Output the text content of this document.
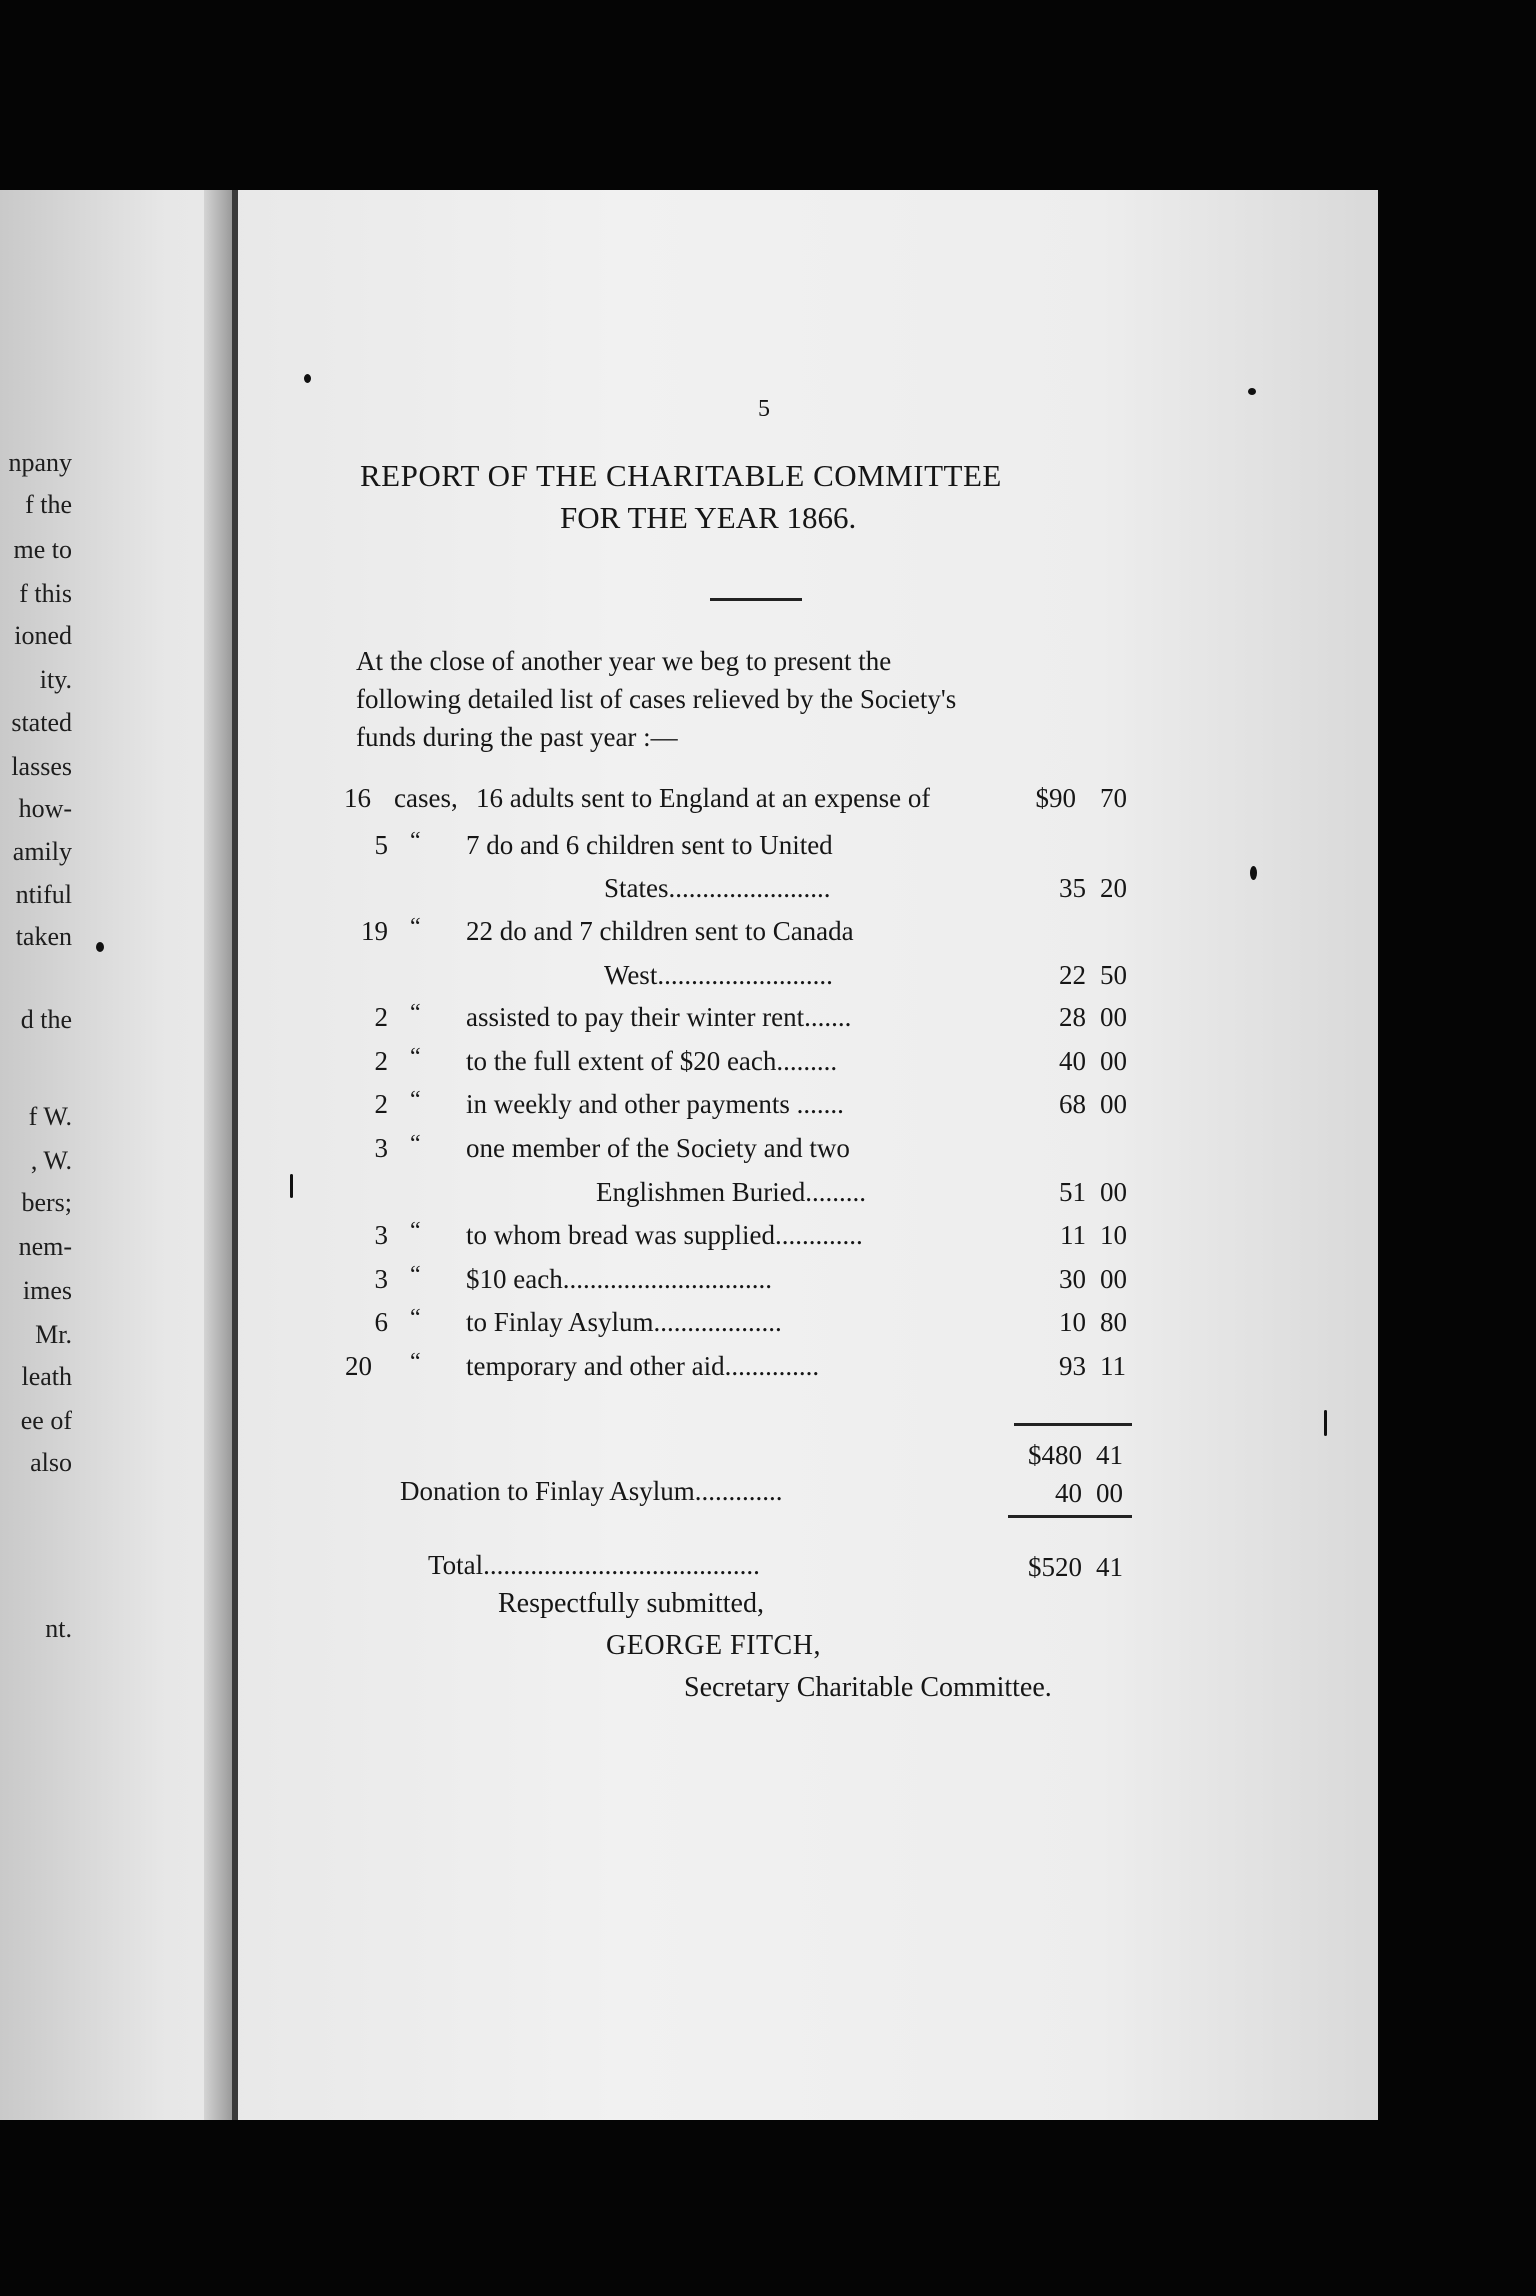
npany
f the
me to
f this
ioned
ity.
stated
lasses
how-
amily
ntiful
taken
d the
f W.
, W.
bers;
nem-
imes
Mr.
leath
ee of
also
nt.
5
REPORT OF THE CHARITABLE COMMITTEE
FOR THE YEAR 1866.
At the close of another year we beg to present the
following detailed list of cases relieved by the Society's
funds during the past year :—
16 cases, 16 adults sent to England at an expense of	$90 70
5 “ 7 do and 6 children sent to United
States........................	35 20
19 “ 22 do and 7 children sent to Canada
West..........................	22 50
2 “ assisted to pay their winter rent.......	28 00
2 “ to the full extent of $20 each.........	40 00
2 “ in weekly and other payments .......	68 00
3 “ one member of the Society and two
Englishmen Buried.........	51 00
3 “ to whom bread was supplied.............	11 10
3 “ $10 each...............................	30 00
6 “ to Finlay Asylum...................	10 80
20 “ temporary and other aid..............	93 11
$480 41
Donation to Finlay Asylum.............	40 00
Total.........................................	$520 41
Respectfully submitted,
GEORGE FITCH,
Secretary Charitable Committee.
